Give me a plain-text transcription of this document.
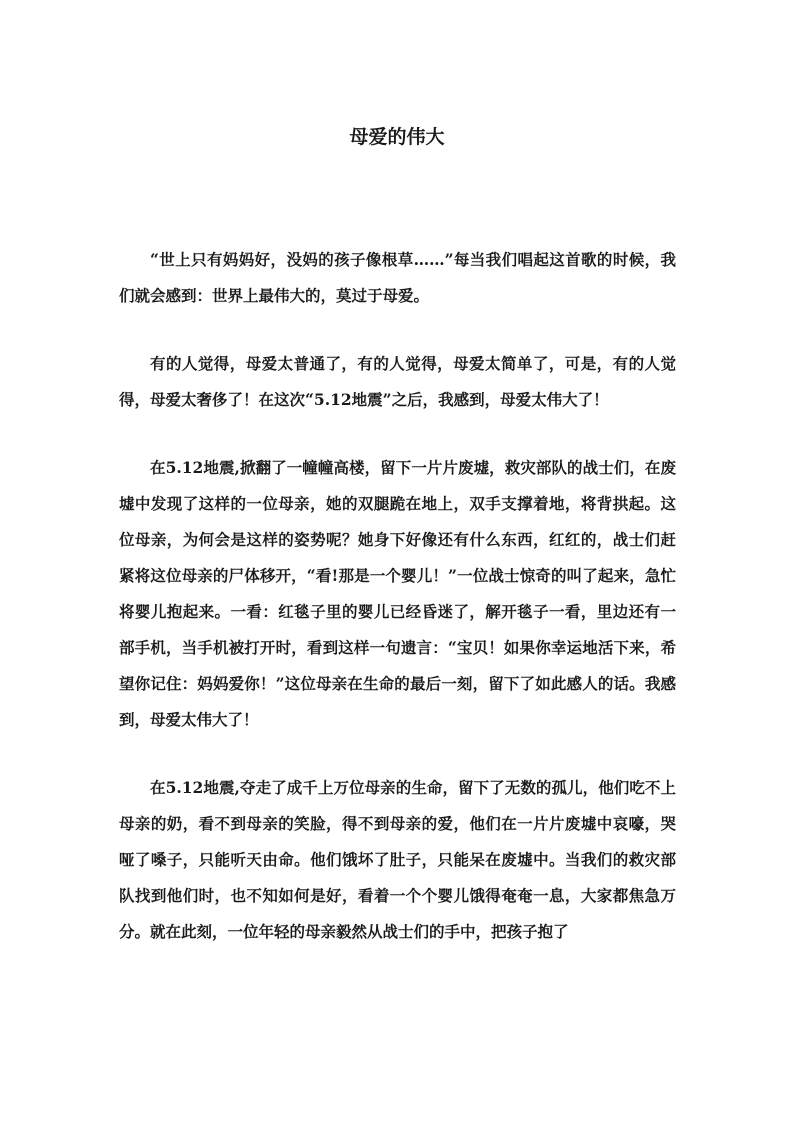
母爱的伟大

“世上只有妈妈好，没妈的孩子像根草……”每当我们唱起这首歌的时候，我们就会感到：世界上最伟大的，莫过于母爱。

有的人觉得，母爱太普通了，有的人觉得，母爱太简单了，可是，有的人觉得，母爱太奢侈了！在这次“5.12地震”之后，我感到，母爱太伟大了！

在5.12地震,掀翻了一幢幢高楼，留下一片片废墟，救灾部队的战士们，在废墟中发现了这样的一位母亲，她的双腿跪在地上，双手支撑着地，将背拱起。这位母亲，为何会是这样的姿势呢？她身下好像还有什么东西，红红的，战士们赶紧将这位母亲的尸体移开，“看!那是一个婴儿！”一位战士惊奇的叫了起来，急忙将婴儿抱起来。一看：红毯子里的婴儿已经昏迷了，解开毯子一看，里边还有一部手机，当手机被打开时，看到这样一句遗言：“宝贝！如果你幸运地活下来，希望你记住：妈妈爱你！”这位母亲在生命的最后一刻，留下了如此感人的话。我感到，母爱太伟大了！

在5.12地震,夺走了成千上万位母亲的生命，留下了无数的孤儿，他们吃不上母亲的奶，看不到母亲的笑脸，得不到母亲的爱，他们在一片片废墟中哀嚎，哭哑了嗓子，只能听天由命。他们饿坏了肚子，只能呆在废墟中。当我们的救灾部队找到他们时，也不知如何是好，看着一个个婴儿饿得奄奄一息，大家都焦急万分。就在此刻，一位年轻的母亲毅然从战士们的手中，把孩子抱了
